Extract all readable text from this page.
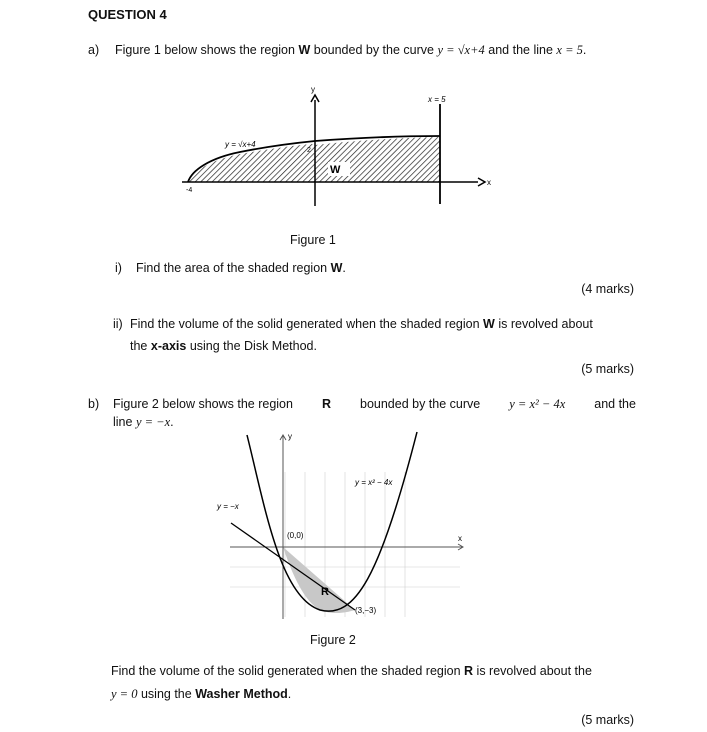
QUESTION 4
a) Figure 1 below shows the region W bounded by the curve y = √x+4 and the line x = 5.
y
x
x = 5
y = √x+4
W
-4
2
Figure 1
i) Find the area of the shaded region W.
(4 marks)
ii) Find the volume of the solid generated when the shaded region W is revolved about
the x-axis using the Disk Method.
(5 marks)
b) Figure 2 below shows the region R bounded by the curve y = x² − 4x and the
line y = −x.
y
x
y = x² − 4x
y = −x
(0,0)
(3,−3)
R
Figure 2
Find the volume of the solid generated when the shaded region R is revolved about the
y = 0 using the Washer Method.
(5 marks)
